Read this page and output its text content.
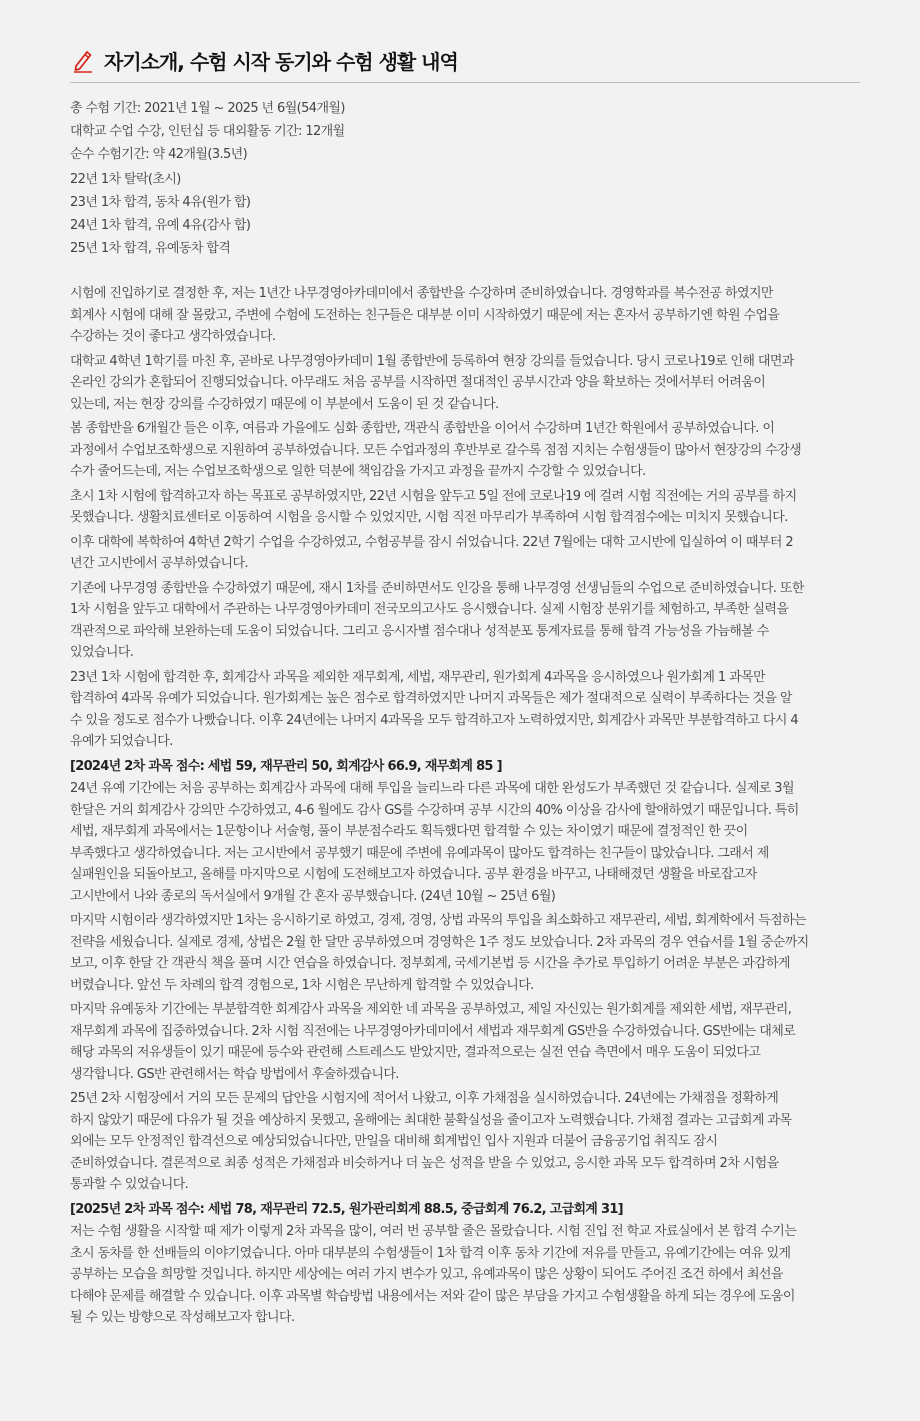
자기소개, 수험 시작 동기와 수험 생활 내역
총 수험 기간: 2021년 1월 ~ 2025 년 6월(54개월)
대학교 수업 수강, 인턴십 등 대외활동 기간: 12개월
순수 수험기간: 약 42개월(3.5년)
22년 1차 탈락(초시)
23년 1차 합격, 동차 4유(원가 합)
24년 1차 합격, 유예 4유(감사 합)
25년 1차 합격, 유예동차 합격

시험에 진입하기로 결정한 후, 저는 1년간 나무경영아카데미에서 종합반을 수강하며 준비하였습니다. 경영학과를 복수전공 하였지만
회계사 시험에 대해 잘 몰랐고, 주변에 수험에 도전하는 친구들은 대부분 이미 시작하였기 때문에 저는 혼자서 공부하기엔 학원 수업을
수강하는 것이 좋다고 생각하였습니다.

대학교 4학년 1학기를 마친 후, 곧바로 나무경영아카데미 1월 종합반에 등록하여 현장 강의를 들었습니다. 당시 코로나19로 인해 대면과
온라인 강의가 혼합되어 진행되었습니다. 아무래도 처음 공부를 시작하면 절대적인 공부시간과 양을 확보하는 것에서부터 어려움이
있는데, 저는 현장 강의를 수강하였기 때문에 이 부분에서 도움이 된 것 같습니다.

봄 종합반을 6개월간 들은 이후, 여름과 가을에도 심화 종합반, 객관식 종합반을 이어서 수강하며 1년간 학원에서 공부하였습니다. 이
과정에서 수업보조학생으로 지원하여 공부하였습니다. 모든 수업과정의 후반부로 갈수록 점점 지치는 수험생들이 많아서 현장강의 수강생
수가 줄어드는데, 저는 수업보조학생으로 일한 덕분에 책임감을 가지고 과정을 끝까지 수강할 수 있었습니다.

초시 1차 시험에 합격하고자 하는 목표로 공부하였지만, 22년 시험을 앞두고 5일 전에 코로나19 에 걸려 시험 직전에는 거의 공부를 하지
못했습니다. 생활치료센터로 이동하여 시험을 응시할 수 있었지만, 시험 직전 마무리가 부족하여 시험 합격점수에는 미치지 못했습니다.

이후 대학에 복학하여 4학년 2학기 수업을 수강하였고, 수험공부를 잠시 쉬었습니다. 22년 7월에는 대학 고시반에 입실하여 이 때부터 2
년간 고시반에서 공부하였습니다.

기존에 나무경영 종합반을 수강하였기 때문에, 재시 1차를 준비하면서도 인강을 통해 나무경영 선생님들의 수업으로 준비하였습니다. 또한
1차 시험을 앞두고 대학에서 주관하는 나무경영아카데미 전국모의고사도 응시했습니다. 실제 시험장 분위기를 체험하고, 부족한 실력을
객관적으로 파악해 보완하는데 도움이 되었습니다. 그리고 응시자별 점수대나 성적분포 통계자료를 통해 합격 가능성을 가늠해볼 수
있었습니다.

23년 1차 시험에 합격한 후, 회계감사 과목을 제외한 재무회계, 세법, 재무관리, 원가회계 4과목을 응시하였으나 원가회계 1 과목만
합격하여 4과목 유예가 되었습니다. 원가회계는 높은 점수로 합격하였지만 나머지 과목들은 제가 절대적으로 실력이 부족하다는 것을 알
수 있을 정도로 점수가 나빴습니다. 이후 24년에는 나머지 4과목을 모두 합격하고자 노력하였지만, 회계감사 과목만 부분합격하고 다시 4
유예가 되었습니다.

[2024년 2차 과목 점수: 세법 59, 재무관리 50, 회계감사 66.9, 재무회계 85 ]

24년 유예 기간에는 처음 공부하는 회계감사 과목에 대해 투입을 늘리느라 다른 과목에 대한 완성도가 부족했던 것 같습니다. 실제로 3월
한달은 거의 회계감사 강의만 수강하였고, 4-6 월에도 감사 GS를 수강하며 공부 시간의 40% 이상을 감사에 할애하였기 때문입니다. 특히
세법, 재무회계 과목에서는 1문항이나 서술형, 풀이 부분점수라도 획득했다면 합격할 수 있는 차이였기 때문에 결정적인 한 끗이
부족했다고 생각하였습니다. 저는 고시반에서 공부했기 때문에 주변에 유예과목이 많아도 합격하는 친구들이 많았습니다. 그래서 제
실패원인을 되돌아보고, 올해를 마지막으로 시험에 도전해보고자 하였습니다. 공부 환경을 바꾸고, 나태해졌던 생활을 바로잡고자
고시반에서 나와 종로의 독서실에서 9개월 간 혼자 공부했습니다. (24년 10월 ~ 25년 6월)

마지막 시험이라 생각하였지만 1차는 응시하기로 하였고, 경제, 경영, 상법 과목의 투입을 최소화하고 재무관리, 세법, 회계학에서 득점하는
전략을 세웠습니다. 실제로 경제, 상법은 2월 한 달만 공부하였으며 경영학은 1주 정도 보았습니다. 2차 과목의 경우 연습서를 1월 중순까지
보고, 이후 한달 간 객관식 책을 풀며 시간 연습을 하였습니다. 정부회계, 국세기본법 등 시간을 추가로 투입하기 어려운 부분은 과감하게
버렸습니다. 앞선 두 차례의 합격 경험으로, 1차 시험은 무난하게 합격할 수 있었습니다.

마지막 유예동차 기간에는 부분합격한 회계감사 과목을 제외한 네 과목을 공부하였고, 제일 자신있는 원가회계를 제외한 세법, 재무관리,
재무회계 과목에 집중하였습니다. 2차 시험 직전에는 나무경영아카데미에서 세법과 재무회계 GS반을 수강하였습니다. GS반에는 대체로
해당 과목의 저유생들이 있기 때문에 등수와 관련해 스트레스도 받았지만, 결과적으로는 실전 연습 측면에서 매우 도움이 되었다고
생각합니다. GS반 관련해서는 학습 방법에서 후술하겠습니다.

25년 2차 시험장에서 거의 모든 문제의 답안을 시험지에 적어서 나왔고, 이후 가채점을 실시하였습니다. 24년에는 가채점을 정확하게
하지 않았기 때문에 다유가 될 것을 예상하지 못했고, 올해에는 최대한 불확실성을 줄이고자 노력했습니다. 가채점 결과는 고급회계 과목
외에는 모두 안정적인 합격선으로 예상되었습니다만, 만일을 대비해 회계법인 입사 지원과 더불어 금융공기업 취직도 잠시
준비하였습니다. 결론적으로 최종 성적은 가채점과 비슷하거나 더 높은 성적을 받을 수 있었고, 응시한 과목 모두 합격하며 2차 시험을
통과할 수 있었습니다.

[2025년 2차 과목 점수: 세법 78, 재무관리 72.5, 원가관리회계 88.5, 중급회계 76.2, 고급회계 31]

저는 수험 생활을 시작할 때 제가 이렇게 2차 과목을 많이, 여러 번 공부할 줄은 몰랐습니다. 시험 진입 전 학교 자료실에서 본 합격 수기는
초시 동차를 한 선배들의 이야기였습니다. 아마 대부분의 수험생들이 1차 합격 이후 동차 기간에 저유를 만들고, 유예기간에는 여유 있게
공부하는 모습을 희망할 것입니다. 하지만 세상에는 여러 가지 변수가 있고, 유예과목이 많은 상황이 되어도 주어진 조건 하에서 최선을
다해야 문제를 해결할 수 있습니다. 이후 과목별 학습방법 내용에서는 저와 같이 많은 부담을 가지고 수험생활을 하게 되는 경우에 도움이
될 수 있는 방향으로 작성해보고자 합니다.
